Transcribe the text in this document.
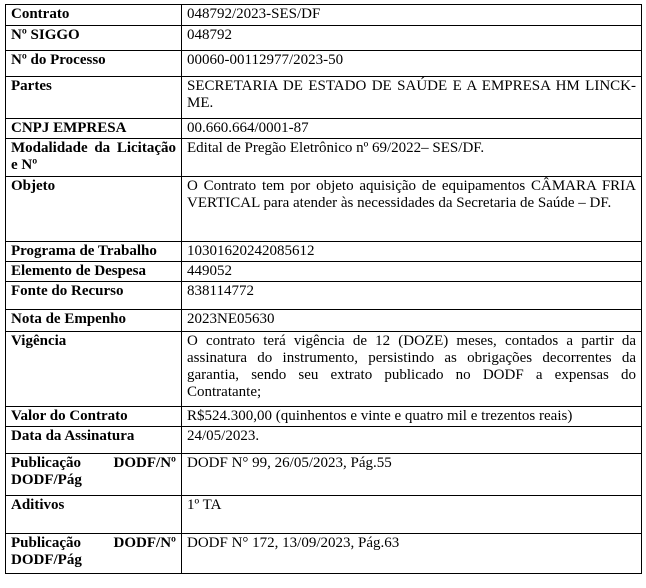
Contrato	048792/2023-SES/DF
Nº SIGGO	048792
Nº do Processo	00060-00112977/2023-50
Partes	SECRETARIA DE ESTADO DE SAÚDE E A EMPRESA HM LINCK-ME.
CNPJ EMPRESA	00.660.664/0001-87
Modalidade da Licitação e Nº	Edital de Pregão Eletrônico nº 69/2022– SES/DF.
Objeto	O Contrato tem por objeto aquisição de equipamentos CÂMARA FRIA VERTICAL para atender às necessidades da Secretaria de Saúde – DF.
Programa de Trabalho	10301620242085612
Elemento de Despesa	449052
Fonte do Recurso	838114772
Nota de Empenho	2023NE05630
Vigência	O contrato terá vigência de 12 (DOZE) meses, contados a partir da assinatura do instrumento, persistindo as obrigações decorrentes da garantia, sendo seu extrato publicado no DODF a expensas do Contratante;
Valor do Contrato	R$524.300,00 (quinhentos e vinte e quatro mil e trezentos reais)
Data da Assinatura	24/05/2023.
Publicação DODF/Nº DODF/Pág	DODF N° 99, 26/05/2023, Pág.55
Aditivos	1º TA
Publicação DODF/Nº DODF/Pág	DODF N° 172, 13/09/2023, Pág.63
